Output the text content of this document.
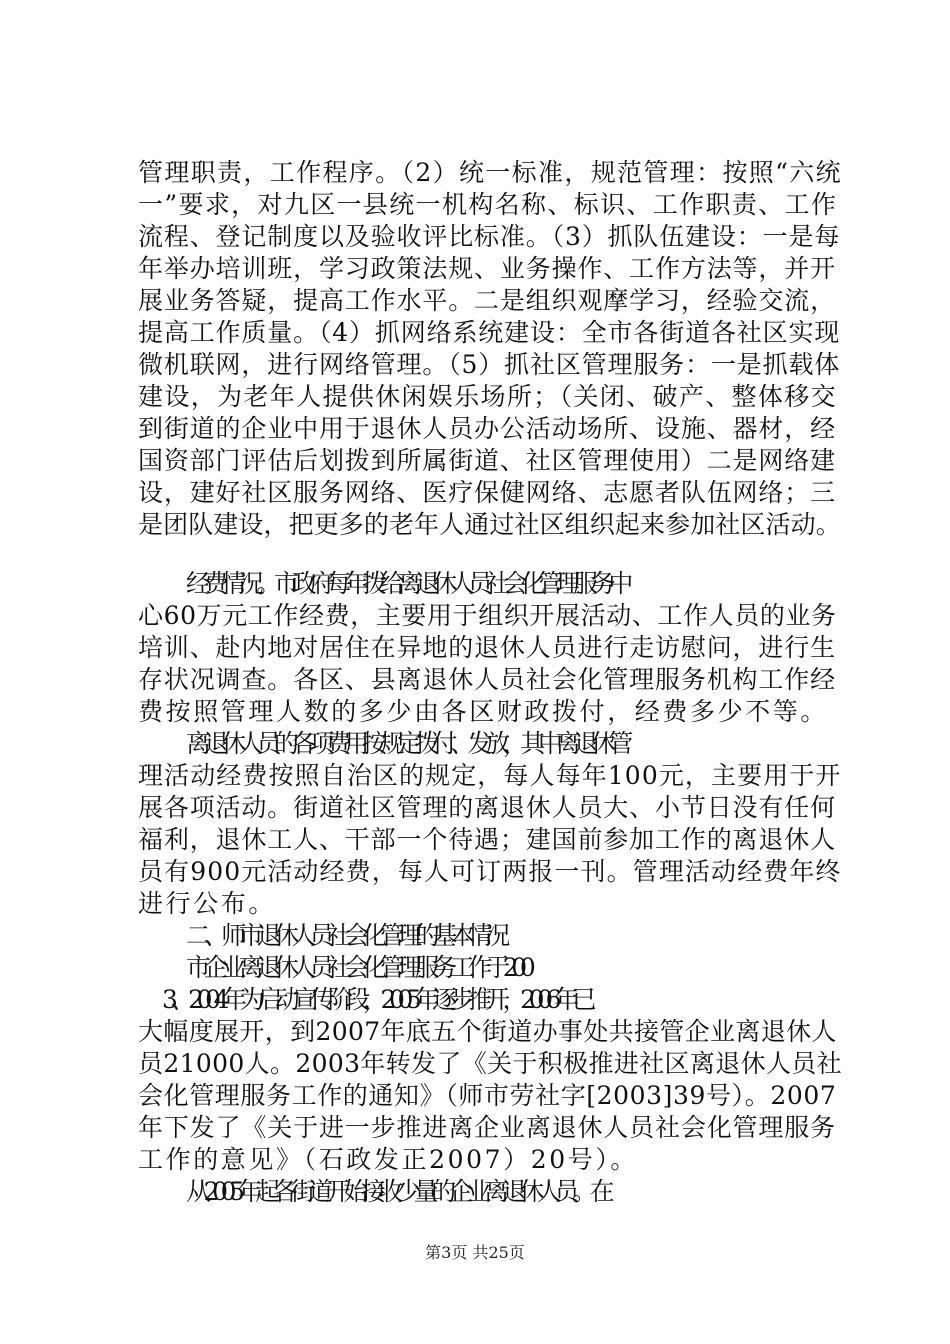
管理职责，工作程序。（2）统一标准，规范管理：按照“六统
一”要求，对九区一县统一机构名称、标识、工作职责、工作
流程、登记制度以及验收评比标准。（3）抓队伍建设：一是每
年举办培训班，学习政策法规、业务操作、工作方法等，并开
展业务答疑，提高工作水平。二是组织观摩学习，经验交流，
提高工作质量。（4）抓网络系统建设：全市各街道各社区实现
微机联网，进行网络管理。（5）抓社区管理服务：一是抓载体
建设，为老年人提供休闲娱乐场所；（关闭、破产、整体移交
到街道的企业中用于退休人员办公活动场所、设施、器材，经
国资部门评估后划拨到所属街道、社区管理使用）二是网络建
设，建好社区服务网络、医疗保健网络、志愿者队伍网络；三
是团队建设，把更多的老年人通过社区组织起来参加社区活动。
经费情况。市政府每年拨给离退休人员社会化管理服务中
心60万元工作经费，主要用于组织开展活动、工作人员的业务
培训、赴内地对居住在异地的退休人员进行走访慰问，进行生
存状况调查。各区、县离退休人员社会化管理服务机构工作经
费按照管理人数的多少由各区财政拨付，经费多少不等。
离退休人员的各项费用按规定拨付、发放，其中离退休管
理活动经费按照自治区的规定，每人每年100元，主要用于开
展各项活动。街道社区管理的离退休人员大、小节日没有任何
福利，退休工人、干部一个待遇；建国前参加工作的离退休人
员有900元活动经费，每人可订两报一刊。管理活动经费年终
进行公布。
二、师市退休人员社会化管理的基本情况
市企业离退休人员社会化管理服务工作于200
3、2004年为启动宣传阶段，2005年逐步推开，2006年已
大幅度展开，到2007年底五个街道办事处共接管企业离退休人
员21000人。2003年转发了《关于积极推进社区离退休人员社
会化管理服务工作的通知》（师市劳社字[2003]39号）。2007
年下发了《关于进一步推进离企业离退休人员社会化管理服务
工作的意见》（石政发正2007）20号）。
从2005年起各街道开始接收少量的企业离退休人员。在
第3页 共25页
